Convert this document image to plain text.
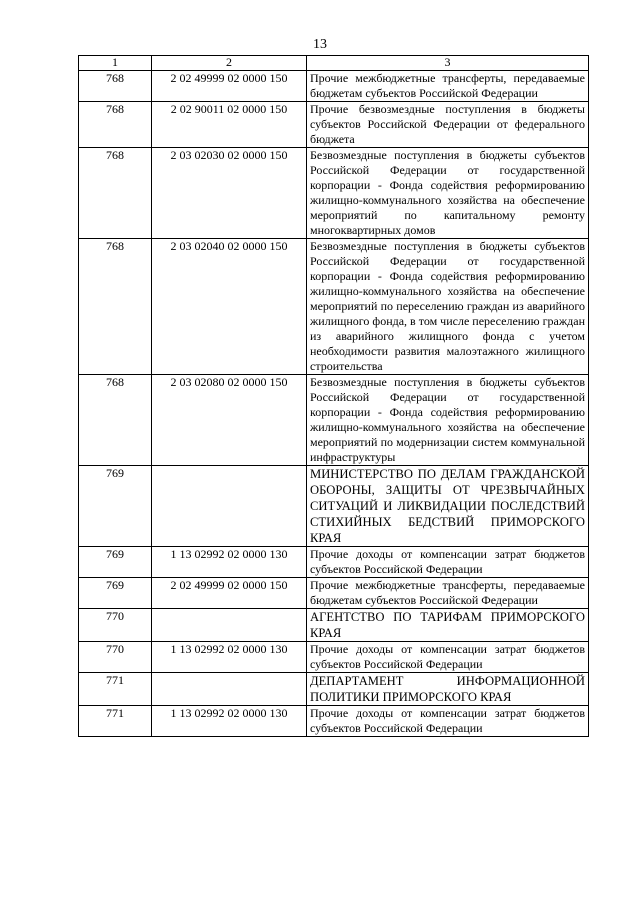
13
1	2	3
768	2 02 49999 02 0000 150	Прочие межбюджетные трансферты, передаваемые бюджетам субъектов Российской Федерации
768	2 02 90011 02 0000 150	Прочие безвозмездные поступления в бюджеты субъектов Российской Федерации от федерального бюджета
768	2 03 02030 02 0000 150	Безвозмездные поступления в бюджеты субъектов Российской Федерации от государственной корпорации - Фонда содействия реформированию жилищно-коммунального хозяйства на обеспечение мероприятий по капитальному ремонту многоквартирных домов
768	2 03 02040 02 0000 150	Безвозмездные поступления в бюджеты субъектов Российской Федерации от государственной корпорации - Фонда содействия реформированию жилищно-коммунального хозяйства на обеспечение мероприятий по переселению граждан из аварийного жилищного фонда, в том числе переселению граждан из аварийного жилищного фонда с учетом необходимости развития малоэтажного жилищного строительства
768	2 03 02080 02 0000 150	Безвозмездные поступления в бюджеты субъектов Российской Федерации от государственной корпорации - Фонда содействия реформированию жилищно-коммунального хозяйства на обеспечение мероприятий по модернизации систем коммунальной инфраструктуры
769		МИНИСТЕРСТВО ПО ДЕЛАМ ГРАЖДАНСКОЙ ОБОРОНЫ, ЗАЩИТЫ ОТ ЧРЕЗВЫЧАЙНЫХ СИТУАЦИЙ И ЛИКВИДАЦИИ ПОСЛЕДСТВИЙ СТИХИЙНЫХ БЕДСТВИЙ ПРИМОРСКОГО КРАЯ
769	1 13 02992 02 0000 130	Прочие доходы от компенсации затрат бюджетов субъектов Российской Федерации
769	2 02 49999 02 0000 150	Прочие межбюджетные трансферты, передаваемые бюджетам субъектов Российской Федерации
770		АГЕНТСТВО ПО ТАРИФАМ ПРИМОРСКОГО КРАЯ
770	1 13 02992 02 0000 130	Прочие доходы от компенсации затрат бюджетов субъектов Российской Федерации
771		ДЕПАРТАМЕНТ ИНФОРМАЦИОННОЙ ПОЛИТИКИ ПРИМОРСКОГО КРАЯ
771	1 13 02992 02 0000 130	Прочие доходы от компенсации затрат бюджетов субъектов Российской Федерации
